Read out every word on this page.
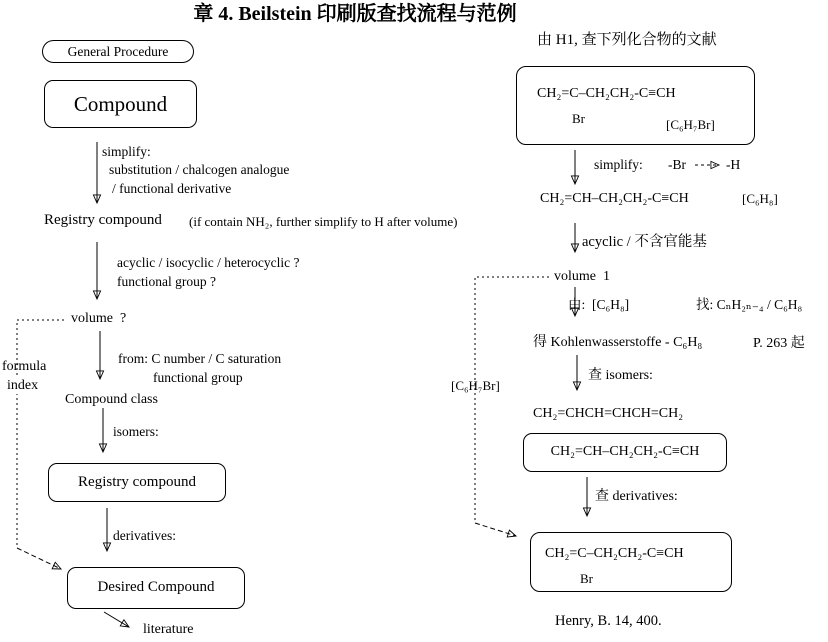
章 4. Beilstein 印刷版查找流程与范例
General Procedure
Compound
simplify:
substitution / chalcogen analogue
/ functional derivative
Registry compound (if contain NH₂, further simplify to H after volume)
acyclic / isocyclic / heterocyclic ?
functional group ?
volume  ?
formula
index
from: C number / C saturation
functional group
Compound class
isomers:
Registry compound
derivatives:
Desired Compound
literature
由 H1, 查下列化合物的文献
CH₂=C–CH₂CH₂-C≡CH
Br	[C₆H₇Br]
simplify: -Br	-H
CH₂=CH–CH₂CH₂-C≡CH	[C₆H₈]
acyclic / 不含官能基
volume  1
由:  [C₆H₈]	找: CₙH₂ₙ₋₄ / C₆H₈
得 Kohlenwasserstoffe - C₆H₈	P. 263 起
查 isomers:
[C₆H₇Br]
CH₂=CHCH=CHCH=CH₂
CH₂=CH–CH₂CH₂-C≡CH
查 derivatives:
CH₂=C–CH₂CH₂-C≡CH
Br
Henry, B. 14, 400.
